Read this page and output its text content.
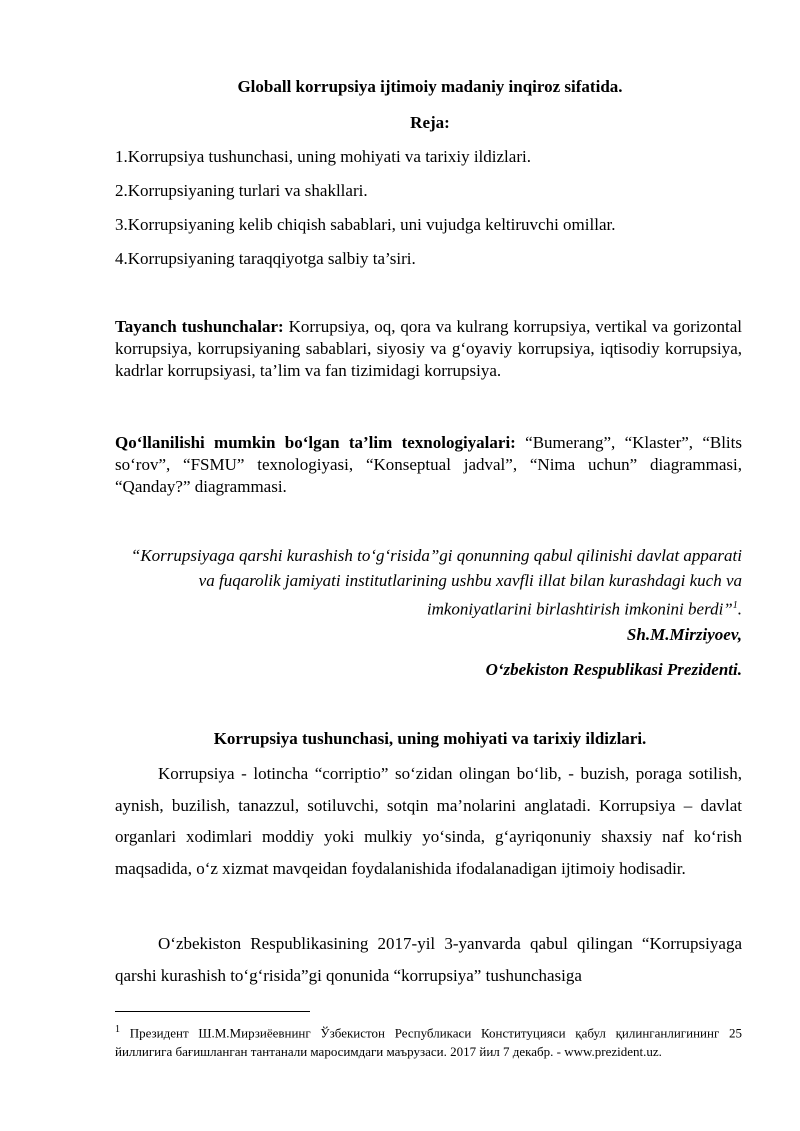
Globall korrupsiya ijtimoiy madaniy inqiroz sifatida.
Reja:
1.Korrupsiya tushunchasi, uning mohiyati va tarixiy ildizlari.
2.Korrupsiyaning turlari va shakllari.
3.Korrupsiyaning kelib chiqish sabablari, uni vujudga keltiruvchi omillar.
4.Korrupsiyaning taraqqiyotga salbiy ta’siri.
Tayanch tushunchalar: Korrupsiya, oq, qora va kulrang korrupsiya, vertikal va gorizontal korrupsiya, korrupsiyaning sabablari, siyosiy va g‘oyaviy korrupsiya, iqtisodiy korrupsiya, kadrlar korrupsiyasi, ta’lim va fan tizimidagi korrupsiya.
Qo‘llanilishi mumkin bo‘lgan ta’lim texnologiyalari: “Bumerang”, “Klaster”, “Blits so‘rov”, “FSMU” texnologiyasi, “Konseptual jadval”, “Nima uchun” diagrammasi, “Qanday?” diagrammasi.
“Korrupsiyaga qarshi kurashish to‘g‘risida”gi qonunning qabul qilinishi davlat apparati va fuqarolik jamiyati institutlarining ushbu xavfli illat bilan kurashdagi kuch va imkoniyatlarini birlashtirish imkonini berdi”$^1$.
Sh.M.Mirziyoev,
O‘zbekiston Respublikasi Prezidenti.
Korrupsiya tushunchasi, uning mohiyati va tarixiy ildizlari.
Korrupsiya - lotincha “corriptio” so‘zidan olingan bo‘lib, - buzish, poraga sotilish, aynish, buzilish, tanazzul, sotiluvchi, sotqin ma’nolarini anglatadi. Korrupsiya – davlat organlari xodimlari moddiy yoki mulkiy yo‘sinda, g‘ayriqonuniy shaxsiy naf ko‘rish maqsadida, o‘z xizmat mavqeidan foydalanishida ifodalanadigan ijtimoiy hodisadir.
O‘zbekiston Respublikasining 2017-yil 3-yanvarda qabul qilingan “Korrupsiyaga qarshi kurashish to‘g‘risida”gi qonunida “korrupsiya” tushunchasiga
$^1$ Президент Ш.М.Мирзиёевнинг Ўзбекистон Республикаси Конституцияси қабул қилинганлигининг 25 йиллигига бағишланган тантанали маросимдаги маърузаси. 2017 йил 7 декабр. - www.prezident.uz.
